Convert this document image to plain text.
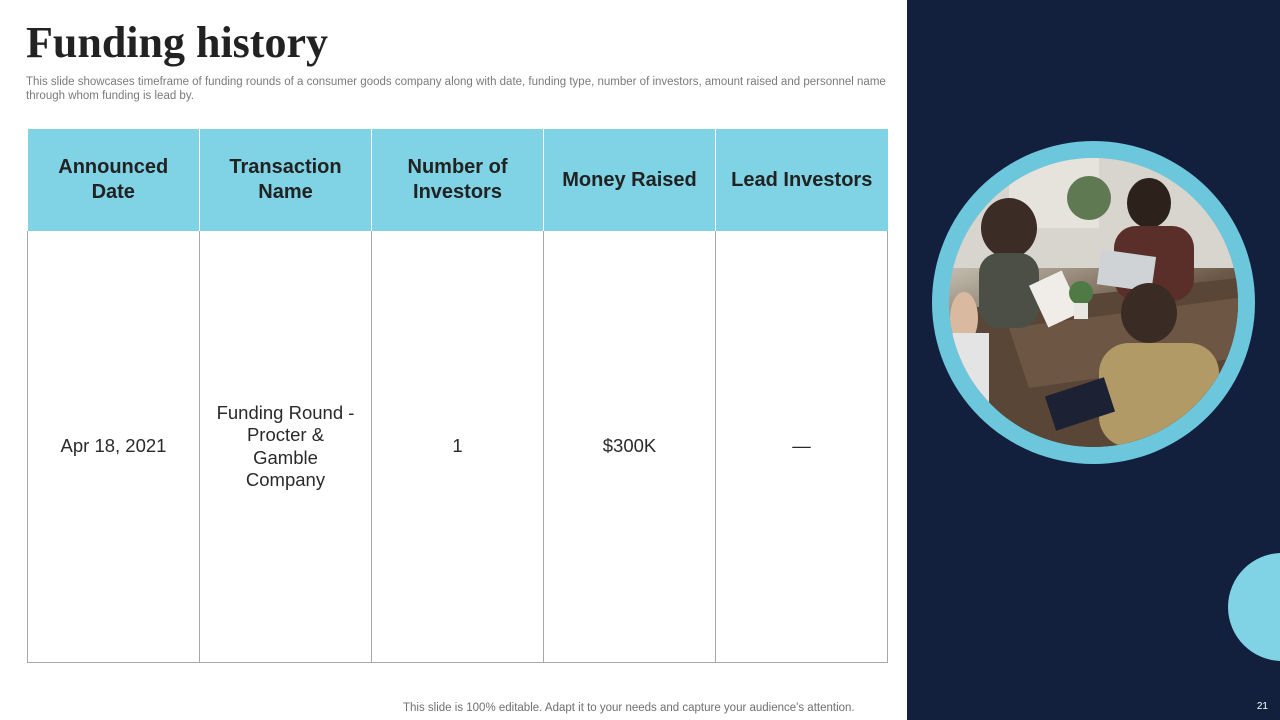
Funding history

This slide showcases timeframe of funding rounds of a consumer goods company along with date, funding type, number of investors, amount raised and personnel name through whom funding is lead by.

Announced Date	Transaction Name	Number of Investors	Money Raised	Lead Investors
Apr 18, 2021	Funding Round - Procter & Gamble Company	1	$300K	—
21
This slide is 100% editable. Adapt it to your needs and capture your audience's attention.
